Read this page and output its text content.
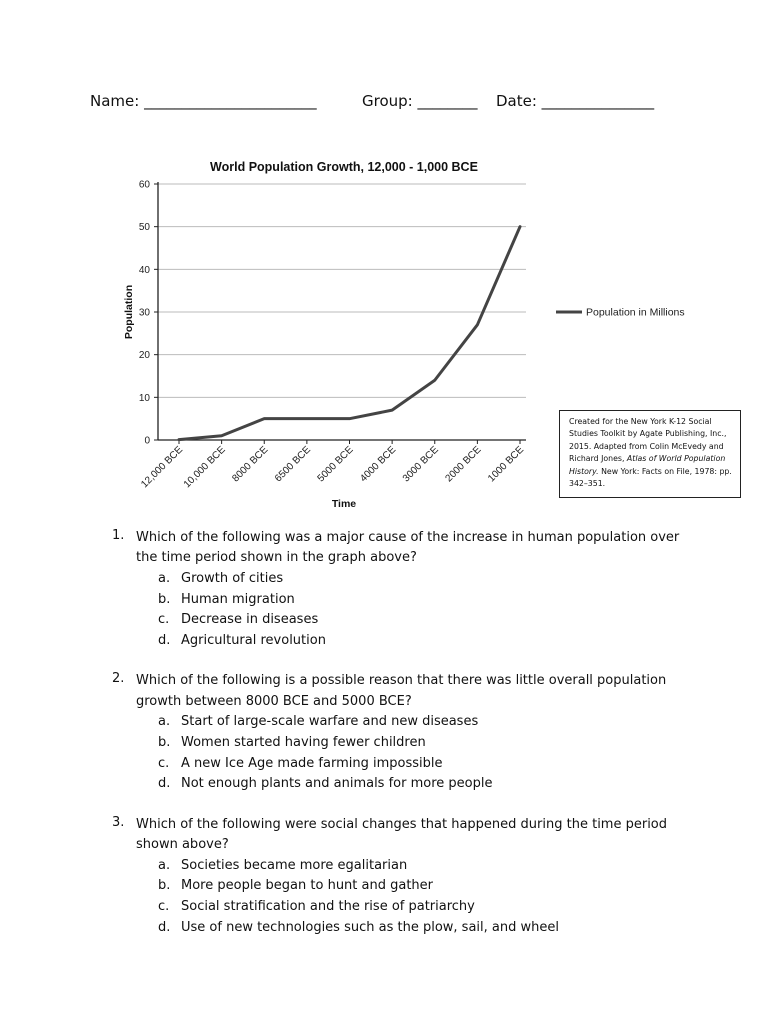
Name: _______________________	Group: ________ Date: _______________
World Population Growth, 12,000 - 1,000 BCE
0
10
20
30
40
50
60
12,000 BCE
10,000 BCE 8000 BCE 6500 BCE 5000 BCE 4000 BCE 3000 BCE 2000 BCE 1000 BCE
Time
Population	Population in Millions
Created for the New York K-12 Social
Studies Toolkit by Agate Publishing, Inc.,
2015. Adapted from Colin McEvedy and
Richard Jones, Atlas of World Population
History. New York: Facts on File, 1978: pp.
342–351.
1. Which of the following was a major cause of the increase in human population over the time period shown in the graph above?
a. Growth of cities
b. Human migration
c. Decrease in diseases
d. Agricultural revolution
2. Which of the following is a possible reason that there was little overall population growth between 8000 BCE and 5000 BCE?
a. Start of large-scale warfare and new diseases
b. Women started having fewer children
c. A new Ice Age made farming impossible
d. Not enough plants and animals for more people
3. Which of the following were social changes that happened during the time period shown above?
a. Societies became more egalitarian
b. More people began to hunt and gather
c. Social stratification and the rise of patriarchy
d. Use of new technologies such as the plow, sail, and wheel
